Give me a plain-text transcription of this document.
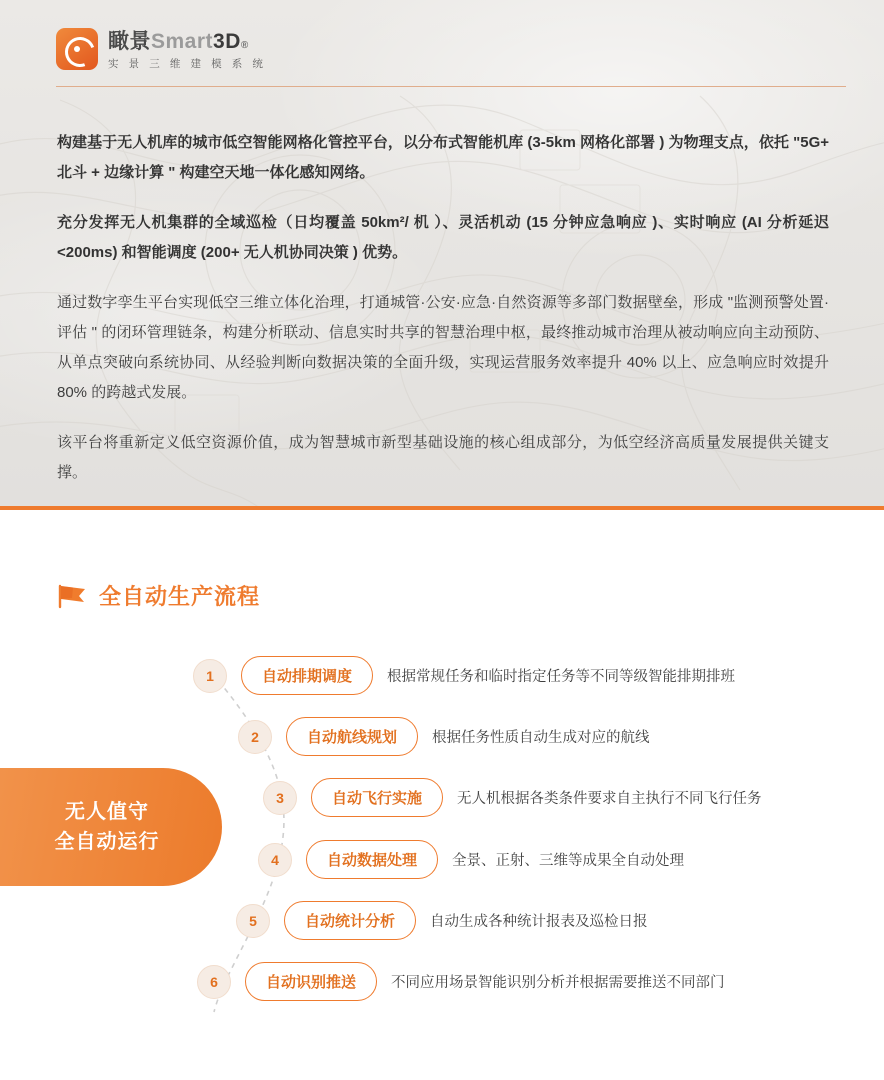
瞰景 Smart 3D ®
实 景 三 维 建 模 系 统

构建基于无人机库的城市低空智能网格化管控平台，以分布式智能机库 (3-5km 网格化部署 ) 为物理支点，依托 "5G+ 北斗 + 边缘计算 " 构建空天地一体化感知网络。

充分发挥无人机集群的全域巡检（日均覆盖 50km²/ 机 ）、灵活机动 (15 分钟应急响应 )、实时响应 (AI 分析延迟 <200ms) 和智能调度 (200+ 无人机协同决策 ) 优势。

通过数字孪生平台实现低空三维立体化治理，打通城管·公安·应急·自然资源等多部门数据壁垒，形成 "监测预警处置·评估 " 的闭环管理链条，构建分析联动、信息实时共享的智慧治理中枢，最终推动城市治理从被动响应向主动预防、从单点突破向系统协同、从经验判断向数据决策的全面升级，实现运营服务效率提升 40% 以上、应急响应时效提升 80% 的跨越式发展。

该平台将重新定义低空资源价值，成为智慧城市新型基础设施的核心组成部分，为低空经济高质量发展提供关键支撑。

全自动生产流程
无人值守
全自动运行
1	自动排期调度	根据常规任务和临时指定任务等不同等级智能排期排班
2	自动航线规划	根据任务性质自动生成对应的航线
3	自动飞行实施	无人机根据各类条件要求自主执行不同飞行任务
4	自动数据处理	全景、正射、三维等成果全自动处理
5	自动统计分析	自动生成各种统计报表及巡检日报
6	自动识别推送	不同应用场景智能识别分析并根据需要推送不同部门
